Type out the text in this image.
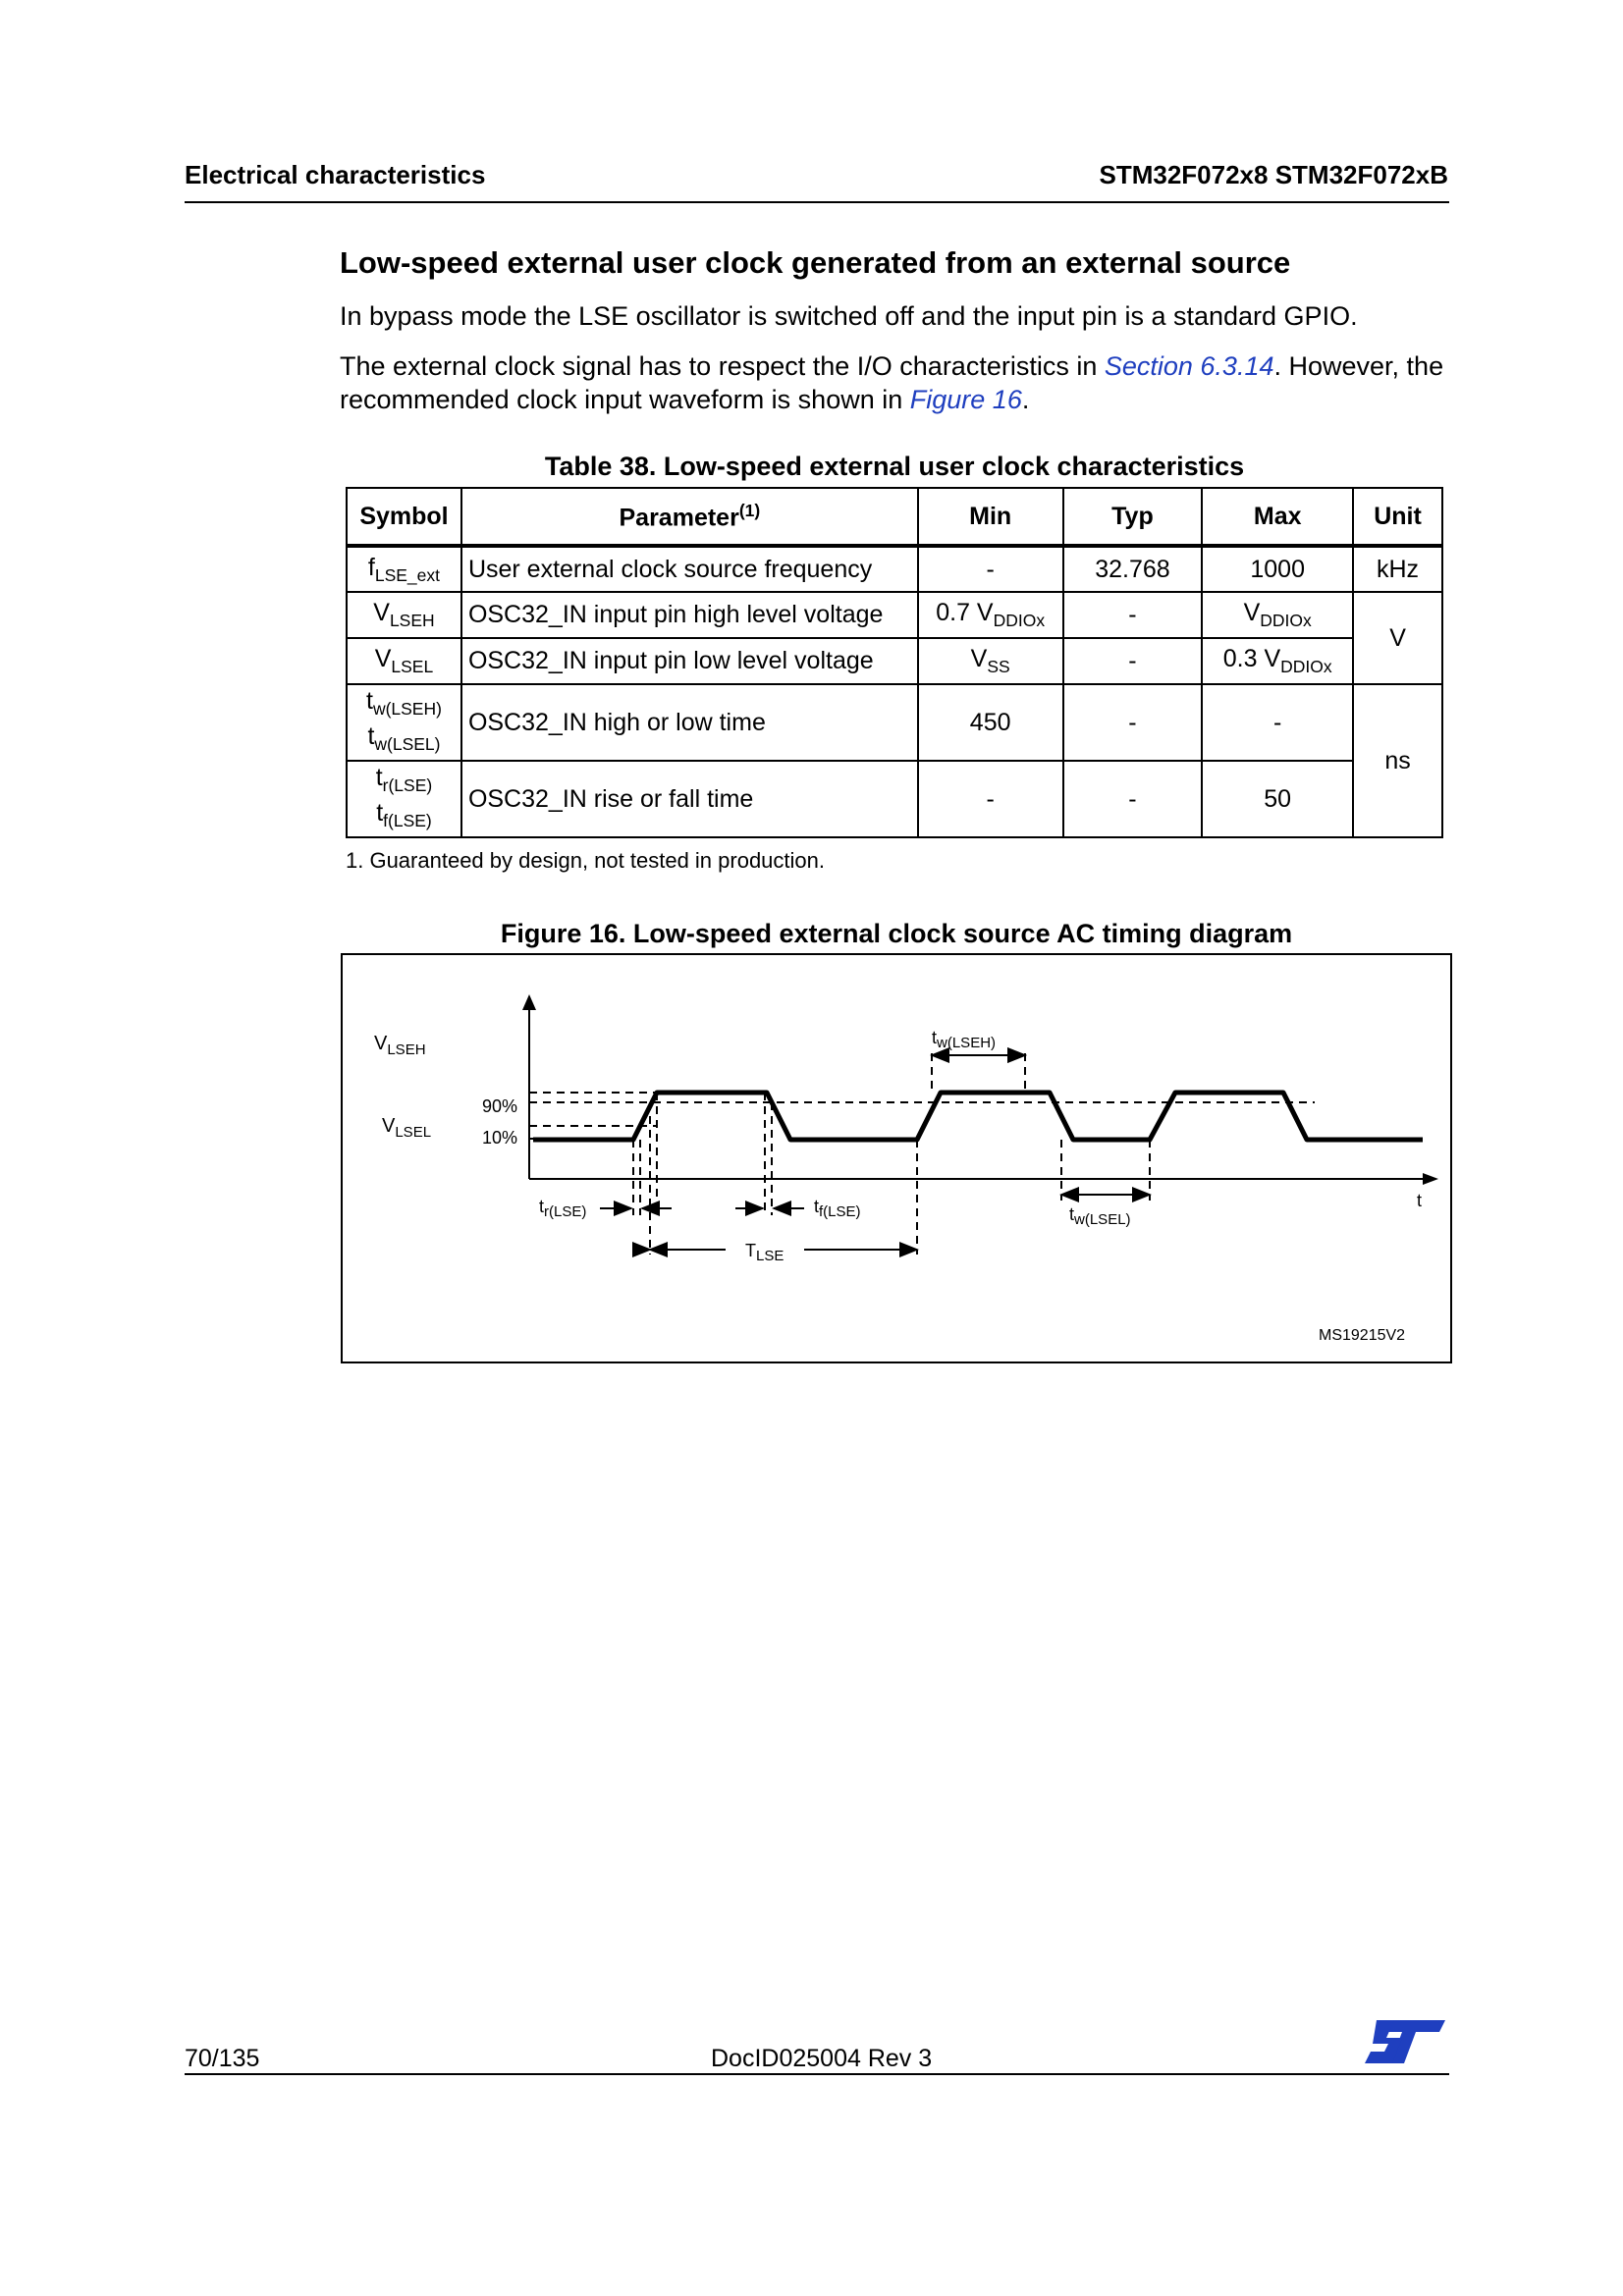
Electrical characteristics	STM32F072x8 STM32F072xB
Low-speed external user clock generated from an external source
In bypass mode the LSE oscillator is switched off and the input pin is a standard GPIO.
The external clock signal has to respect the I/O characteristics in Section 6.3.14. However, the recommended clock input waveform is shown in Figure 16.
Table 38. Low-speed external user clock characteristics
Symbol	Parameter$^{(1)}$	Min	Typ	Max	Unit
$f_{LSE\_ext}$	User external clock source frequency	-	32.768	1000	kHz
$V_{LSEH}$	OSC32_IN input pin high level voltage	0.7 $V_{DDIOx}$	-	$V_{DDIOx}$	V
$V_{LSEL}$	OSC32_IN input pin low level voltage	$V_{SS}$	-	0.3 $V_{DDIOx}$
$t_{w(LSEH)}$
$t_{w(LSEL)}$	OSC32_IN high or low time	450	-	-	ns
$t_{r(LSE)}$
$t_{f(LSE)}$	OSC32_IN rise or fall time	-	-	50	
1. Guaranteed by design, not tested in production.
Figure 16. Low-speed external clock source AC timing diagram
$V_{LSEH}$
$V_{LSEL}$
90%
10%
$t_{r(LSE)}$	$t_{f(LSE)}$
$T_{LSE}$
$t_{w(LSEH)}$
$t_{w(LSEL)}$
t
MS19215V2
70/135	DocID025004 Rev 3
